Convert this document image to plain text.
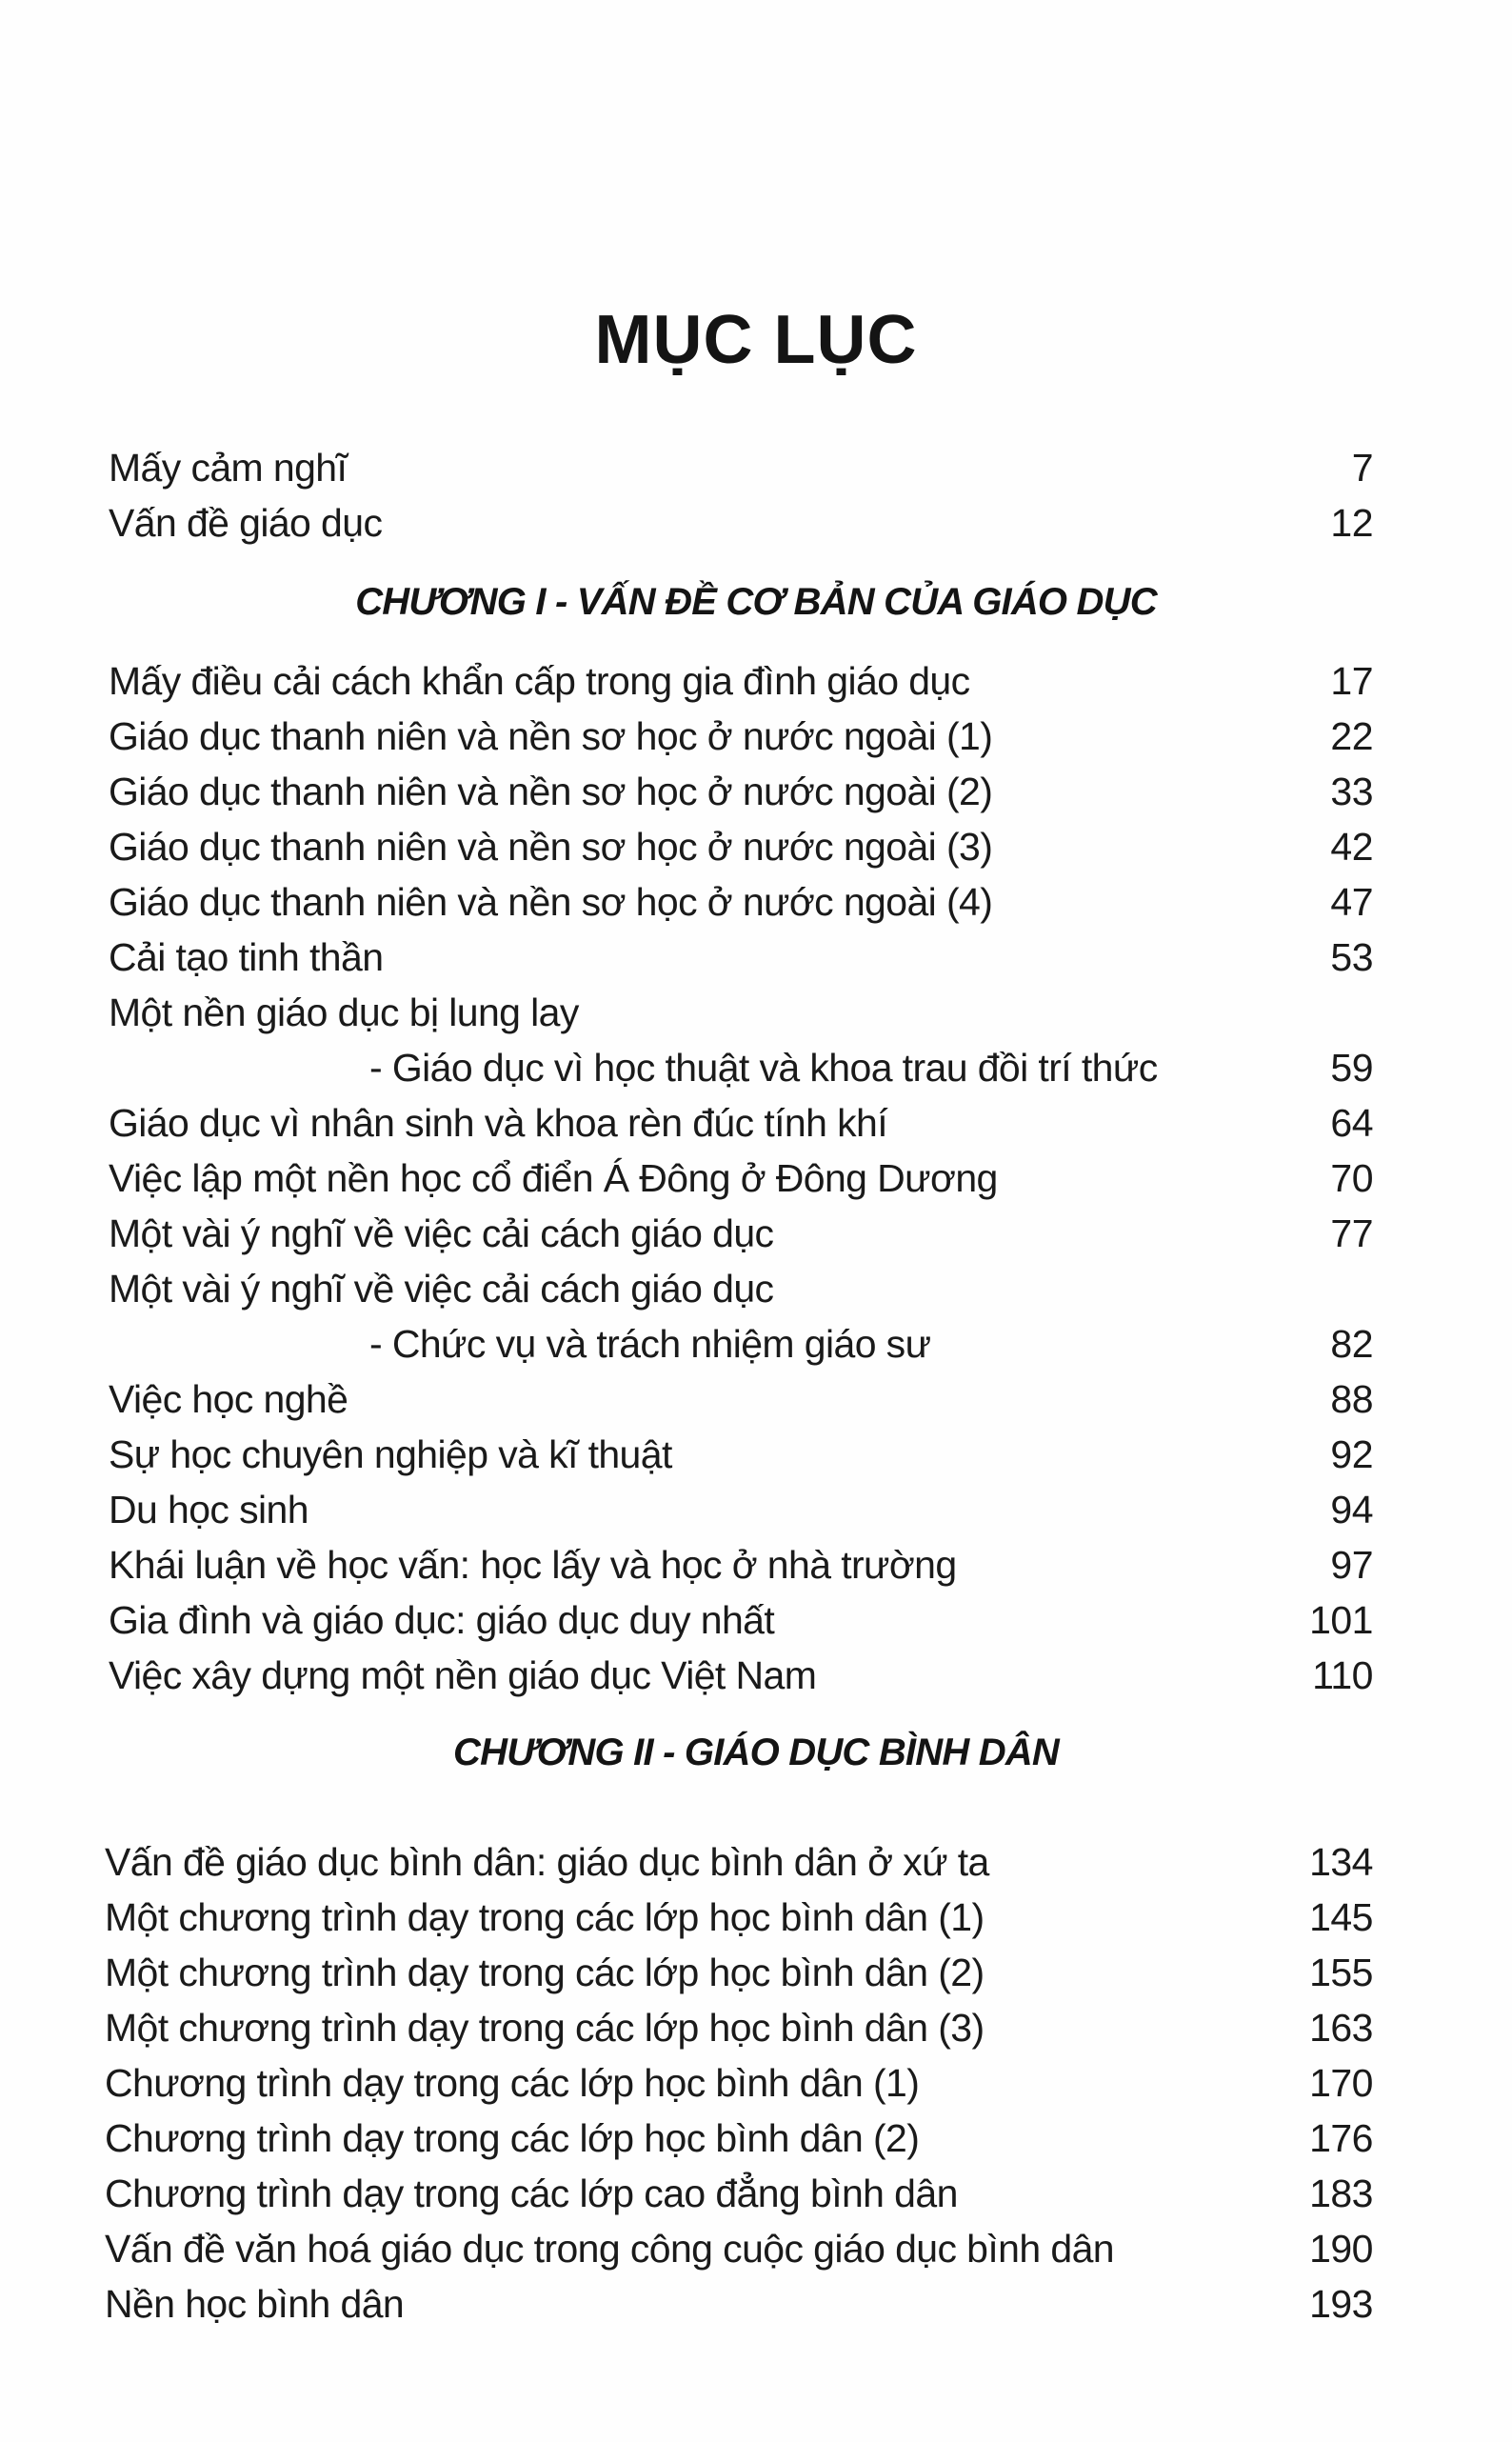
MỤC LỤC
Mấy cảm nghĩ	7
Vấn đề giáo dục	12
CHƯƠNG I - VẤN ĐỀ CƠ BẢN CỦA GIÁO DỤC
Mấy điều cải cách khẩn cấp trong gia đình giáo dục	17
Giáo dục thanh niên và nền sơ học ở nước ngoài (1)	22
Giáo dục thanh niên và nền sơ học ở nước ngoài (2)	33
Giáo dục thanh niên và nền sơ học ở nước ngoài (3)	42
Giáo dục thanh niên và nền sơ học ở nước ngoài (4)	47
Cải tạo tinh thần	53
Một nền giáo dục bị lung lay
- Giáo dục vì học thuật và khoa trau đồi trí thức	59
Giáo dục vì nhân sinh và khoa rèn đúc tính khí	64
Việc lập một nền học cổ điển Á Đông ở Đông Dương	70
Một vài ý nghĩ về việc cải cách giáo dục	77
Một vài ý nghĩ về việc cải cách giáo dục
- Chức vụ và trách nhiệm giáo sư	82
Việc học nghề	88
Sự học chuyên nghiệp và kĩ thuật	92
Du học sinh	94
Khái luận về học vấn: học lấy và học ở nhà trường	97
Gia đình và giáo dục: giáo dục duy nhất	101
Việc xây dựng một nền giáo dục Việt Nam	110
CHƯƠNG II - GIÁO DỤC BÌNH DÂN
Vấn đề giáo dục bình dân: giáo dục bình dân ở xứ ta	134
Một chương trình dạy trong các lớp học bình dân (1)	145
Một chương trình dạy trong các lớp học bình dân (2)	155
Một chương trình dạy trong các lớp học bình dân (3)	163
Chương trình dạy trong các lớp học bình dân (1)	170
Chương trình dạy trong các lớp học bình dân (2)	176
Chương trình dạy trong các lớp cao đẳng bình dân	183
Vấn đề văn hoá giáo dục trong công cuộc giáo dục bình dân	190
Nền học bình dân	193
